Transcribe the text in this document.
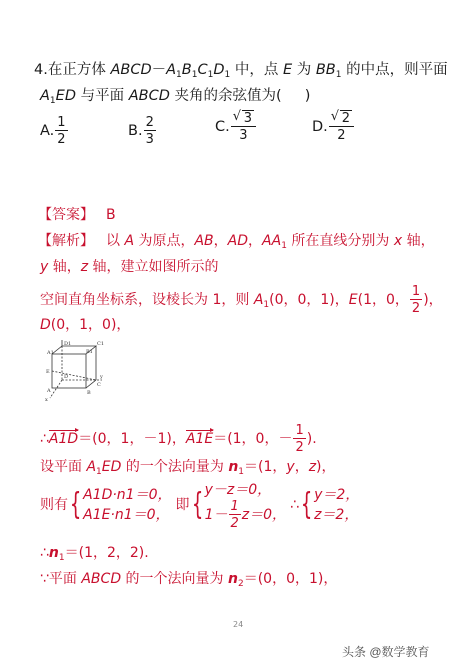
4.在正方体 $ABCD-A_1B_1C_1D_1$ 中，点 E 为 $BB_1$ 的中点，则平面
$A_1ED$ 与平面 ABCD 夹角的余弦值为( )
A. $\frac{1}{2}$	B. $\frac{2}{3}$	C. √ $\frac{3}{3}$	D. √ $\frac{2}{2}$
【答案】 B
【解析】 以 A 为原点，AB，AD，$AA_1$ 所在直线分别为 x 轴，
y 轴，z 轴，建立如图所示的
空间直角坐标系，设棱长为 1，则 $A_1(0$，0，1)，E(1，0， $\frac{1}{2}$ )，
D(0，1，0)，
A1
D1	C1
B1
E
D
C
A	B
x
y
∴A1D＝(0，1，－1)，A1E＝(1，0，－ $\frac{1}{2}$ ).
设平面 $A_1ED$ 的一个法向量为 $n_1=(1$，y，z)，
则有{ A1D·n1＝0，
A1E·n1＝0，
即{ y－z＝0，
$1- \frac{1}{2} z=0$，
∴{ y＝2，
z＝2，
$\therefore n_1=(1$，2，2).
∵平面 ABCD 的一个法向量为 $n_2=(0$，0，1)，
24
头条 @数学教育
